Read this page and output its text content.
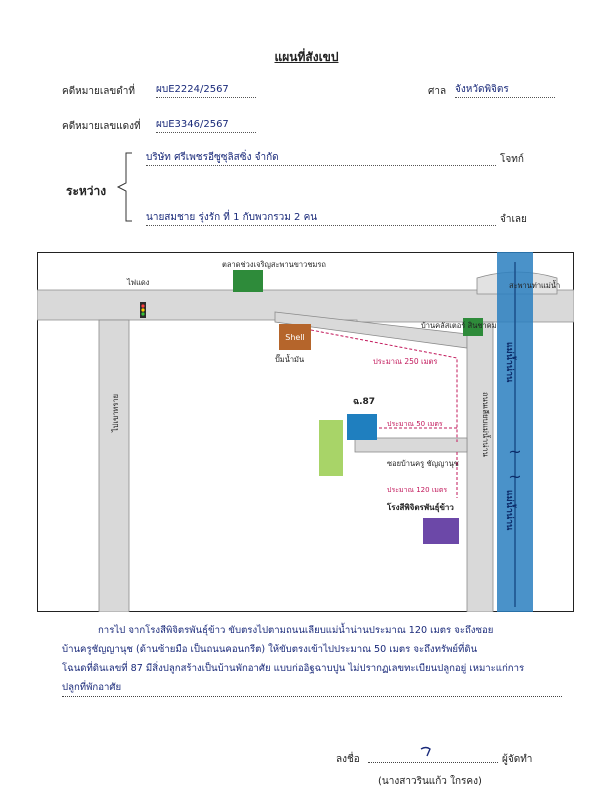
แผนที่สังเขป
คดีหมายเลขดำที่ ผบE2224/2567	ศาล จังหวัดพิจิตร
คดีหมายเลขแดงที่ ผบE3346/2567
ระหว่าง
บริษัท ศรีเพชรอีซูซุลิสซิ่ง จำกัด	โจทก์
นายสมชาย รุ่งรัก ที่ 1 กับพวกรวม 2 คน	จำเลย
~
~
ไฟแดง
ตลาดช่วงเจริญสะพานขาวชมรถ
สะพานท่าแม่น้ำ
Shell
ปั๊มน้ำมัน
บ้านคลัสเตอร์ สินชาคม
ประมาณ 250 เมตร
ฉ.87
ประมาณ 50 เมตร
ซอยบ้านครู ชัญญานุช
ประมาณ 120 เมตร
โรงสีพิจิตรพันธุ์ข้าว
ไปเขาทราย	ถนนเลียบแม่น้ำน่าน
แม่น้ำน่าน
แม่น้ำน่าน
การไป จากโรงสีพิจิตรพันธุ์ข้าว ขับตรงไปตามถนนเลียบแม่น้ำน่านประมาณ 120 เมตร จะถึงซอย
บ้านครูชัญญานุช (ด้านซ้ายมือ เป็นถนนคอนกรีต) ให้ขับตรงเข้าไปประมาณ 50 เมตร จะถึงทรัพย์ที่ดิน
โฉนดที่ดินเลขที่ 87 มีสิ่งปลูกสร้างเป็นบ้านพักอาศัย แบบก่ออิฐฉาบปูน ไม่ปรากฏเลขทะเบียนปลูกอยู่ เหมาะแก่การ
ปลูกที่พักอาศัย
ลงชื่อ	ผู้จัดทำ
(นางสาวรินแก้ว ใกรคง)
